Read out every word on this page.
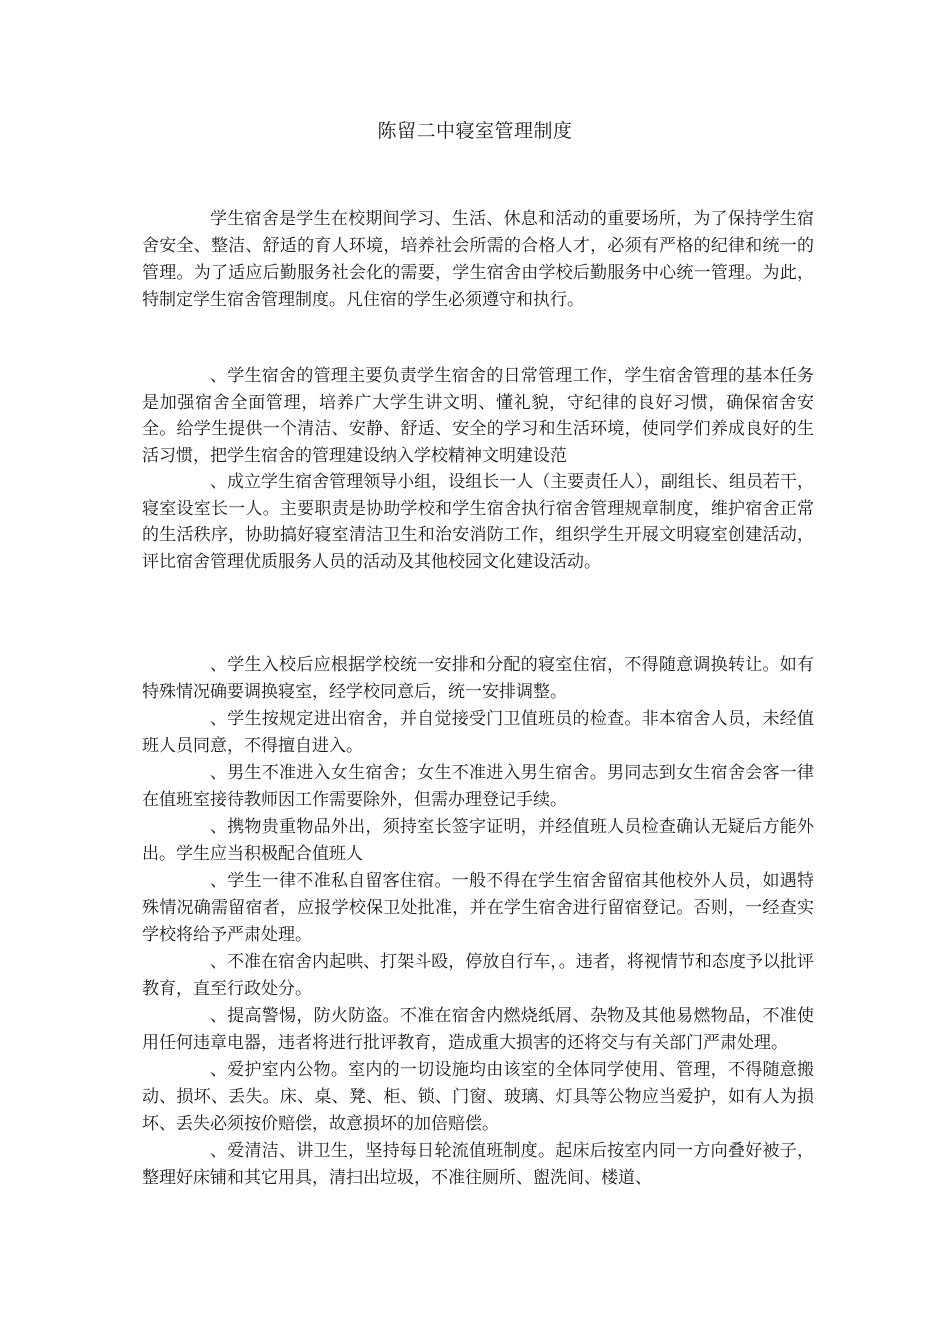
陈留二中寝室管理制度

学生宿舍是学生在校期间学习、生活、休息和活动的重要场所，为了保持学生宿舍安全、整洁、舒适的育人环境，培养社会所需的合格人才，必须有严格的纪律和统一的管理。为了适应后勤服务社会化的需要，学生宿舍由学校后勤服务中心统一管理。为此，特制定学生宿舍管理制度。凡住宿的学生必须遵守和执行。

、学生宿舍的管理主要负责学生宿舍的日常管理工作，学生宿舍管理的基本任务是加强宿舍全面管理，培养广大学生讲文明、懂礼貌，守纪律的良好习惯，确保宿舍安全。给学生提供一个清洁、安静、舒适、安全的学习和生活环境，使同学们养成良好的生活习惯，把学生宿舍的管理建设纳入学校精神文明建设范

、成立学生宿舍管理领导小组，设组长一人（主要责任人），副组长、组员若干，寝室设室长一人。主要职责是协助学校和学生宿舍执行宿舍管理规章制度，维护宿舍正常的生活秩序，协助搞好寝室清洁卫生和治安消防工作，组织学生开展文明寝室创建活动，评比宿舍管理优质服务人员的活动及其他校园文化建设活动。

、学生入校后应根据学校统一安排和分配的寝室住宿，不得随意调换转让。如有特殊情况确要调换寝室，经学校同意后，统一安排调整。

、学生按规定进出宿舍，并自觉接受门卫值班员的检查。非本宿舍人员，未经值班人员同意，不得擅自进入。

、男生不准进入女生宿舍；女生不准进入男生宿舍。男同志到女生宿舍会客一律在值班室接待教师因工作需要除外，但需办理登记手续。

、携物贵重物品外出，须持室长签字证明，并经值班人员检查确认无疑后方能外出。学生应当积极配合值班人

、学生一律不准私自留客住宿。一般不得在学生宿舍留宿其他校外人员，如遇特殊情况确需留宿者，应报学校保卫处批准，并在学生宿舍进行留宿登记。否则，一经查实学校将给予严肃处理。

、不准在宿舍内起哄、打架斗殴，停放自行车，。违者，将视情节和态度予以批评教育，直至行政处分。

、提高警惕，防火防盗。不准在宿舍内燃烧纸屑、杂物及其他易燃物品，不准使用任何违章电器，违者将进行批评教育，造成重大损害的还将交与有关部门严肃处理。

、爱护室内公物。室内的一切设施均由该室的全体同学使用、管理，不得随意搬动、损坏、丢失。床、桌、凳、柜、锁、门窗、玻璃、灯具等公物应当爱护，如有人为损坏、丢失必须按价赔偿，故意损坏的加倍赔偿。

、爱清洁、讲卫生，坚持每日轮流值班制度。起床后按室内同一方向叠好被子，整理好床铺和其它用具，清扫出垃圾，不准往厕所、盥洗间、楼道、
